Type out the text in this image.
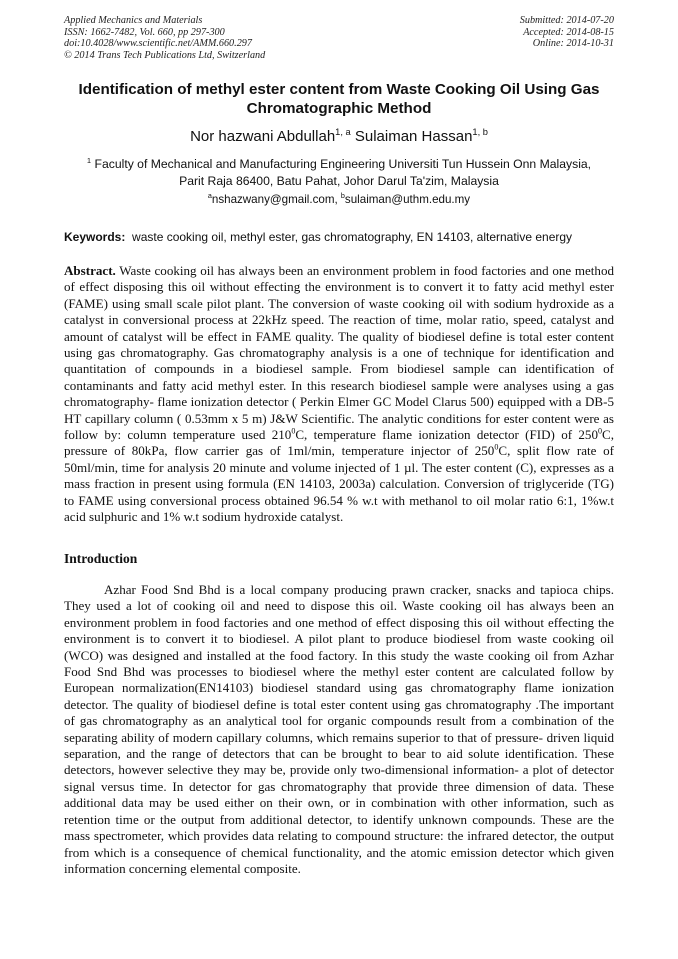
Applied Mechanics and Materials
ISSN: 1662-7482, Vol. 660, pp 297-300
doi:10.4028/www.scientific.net/AMM.660.297
© 2014 Trans Tech Publications Ltd, Switzerland
Submitted: 2014-07-20
Accepted: 2014-08-15
Online: 2014-10-31
Identification of methyl ester content from Waste Cooking Oil Using Gas Chromatographic Method
Nor hazwani Abdullah$^{1, a}$ Sulaiman Hassan$^{1, b}$
$^1$ Faculty of Mechanical and Manufacturing Engineering Universiti Tun Hussein Onn Malaysia,
Parit Raja 86400, Batu Pahat, Johor Darul Ta'zim, Malaysia
$^a$nshazwany@gmail.com, $^b$sulaiman@uthm.edu.my
Keywords: waste cooking oil, methyl ester, gas chromatography, EN 14103, alternative energy
Abstract. Waste cooking oil has always been an environment problem in food factories and one method of effect disposing this oil without effecting the environment is to convert it to fatty acid methyl ester (FAME) using small scale pilot plant. The conversion of waste cooking oil with sodium hydroxide as a catalyst in conversional process at 22kHz speed. The reaction of time, molar ratio, speed, catalyst and amount of catalyst will be effect in FAME quality. The quality of biodiesel define is total ester content using gas chromatography. Gas chromatography analysis is a one of technique for identification and quantitation of compounds in a biodiesel sample. From biodiesel sample can identification of contaminants and fatty acid methyl ester. In this research biodiesel sample were analyses using a gas chromatography- flame ionization detector ( Perkin Elmer GC Model Clarus 500) equipped with a DB-5 HT capillary column ( 0.53mm x 5 m) J&W Scientific. The analytic conditions for ester content were as follow by: column temperature used $210^0C$, temperature flame ionization detector (FID) of $250^0C$, pressure of 80kPa, flow carrier gas of 1ml/min, temperature injector of $250^0C$, split flow rate of 50ml/min, time for analysis 20 minute and volume injected of 1 µl. The ester content (C), expresses as a mass fraction in present using formula (EN 14103, 2003a) calculation. Conversion of triglyceride (TG) to FAME using conversional process obtained 96.54 % w.t with methanol to oil molar ratio 6:1, 1%w.t acid sulphuric and 1% w.t sodium hydroxide catalyst.
Introduction
Azhar Food Snd Bhd is a local company producing prawn cracker, snacks and tapioca chips. They used a lot of cooking oil and need to dispose this oil. Waste cooking oil has always been an environment problem in food factories and one method of effect disposing this oil without effecting the environment is to convert it to biodiesel. A pilot plant to produce biodiesel from waste cooking oil (WCO) was designed and installed at the food factory. In this study the waste cooking oil from Azhar Food Snd Bhd was processes to biodiesel where the methyl ester content are calculated follow by European normalization(EN14103) biodiesel standard using gas chromatography flame ionization detector. The quality of biodiesel define is total ester content using gas chromatography .The important of gas chromatography as an analytical tool for organic compounds result from a combination of the separating ability of modern capillary columns, which remains superior to that of pressure- driven liquid separation, and the range of detectors that can be brought to bear to aid solute identification. These detectors, however selective they may be, provide only two-dimensional information- a plot of detector signal versus time. In detector for gas chromatography that provide three dimension of data. These additional data may be used either on their own, or in combination with other information, such as retention time or the output from additional detector, to identify unknown compounds. These are the mass spectrometer, which provides data relating to compound structure: the infrared detector, the output from which is a consequence of chemical functionality, and the atomic emission detector which given information concerning elemental composite.
